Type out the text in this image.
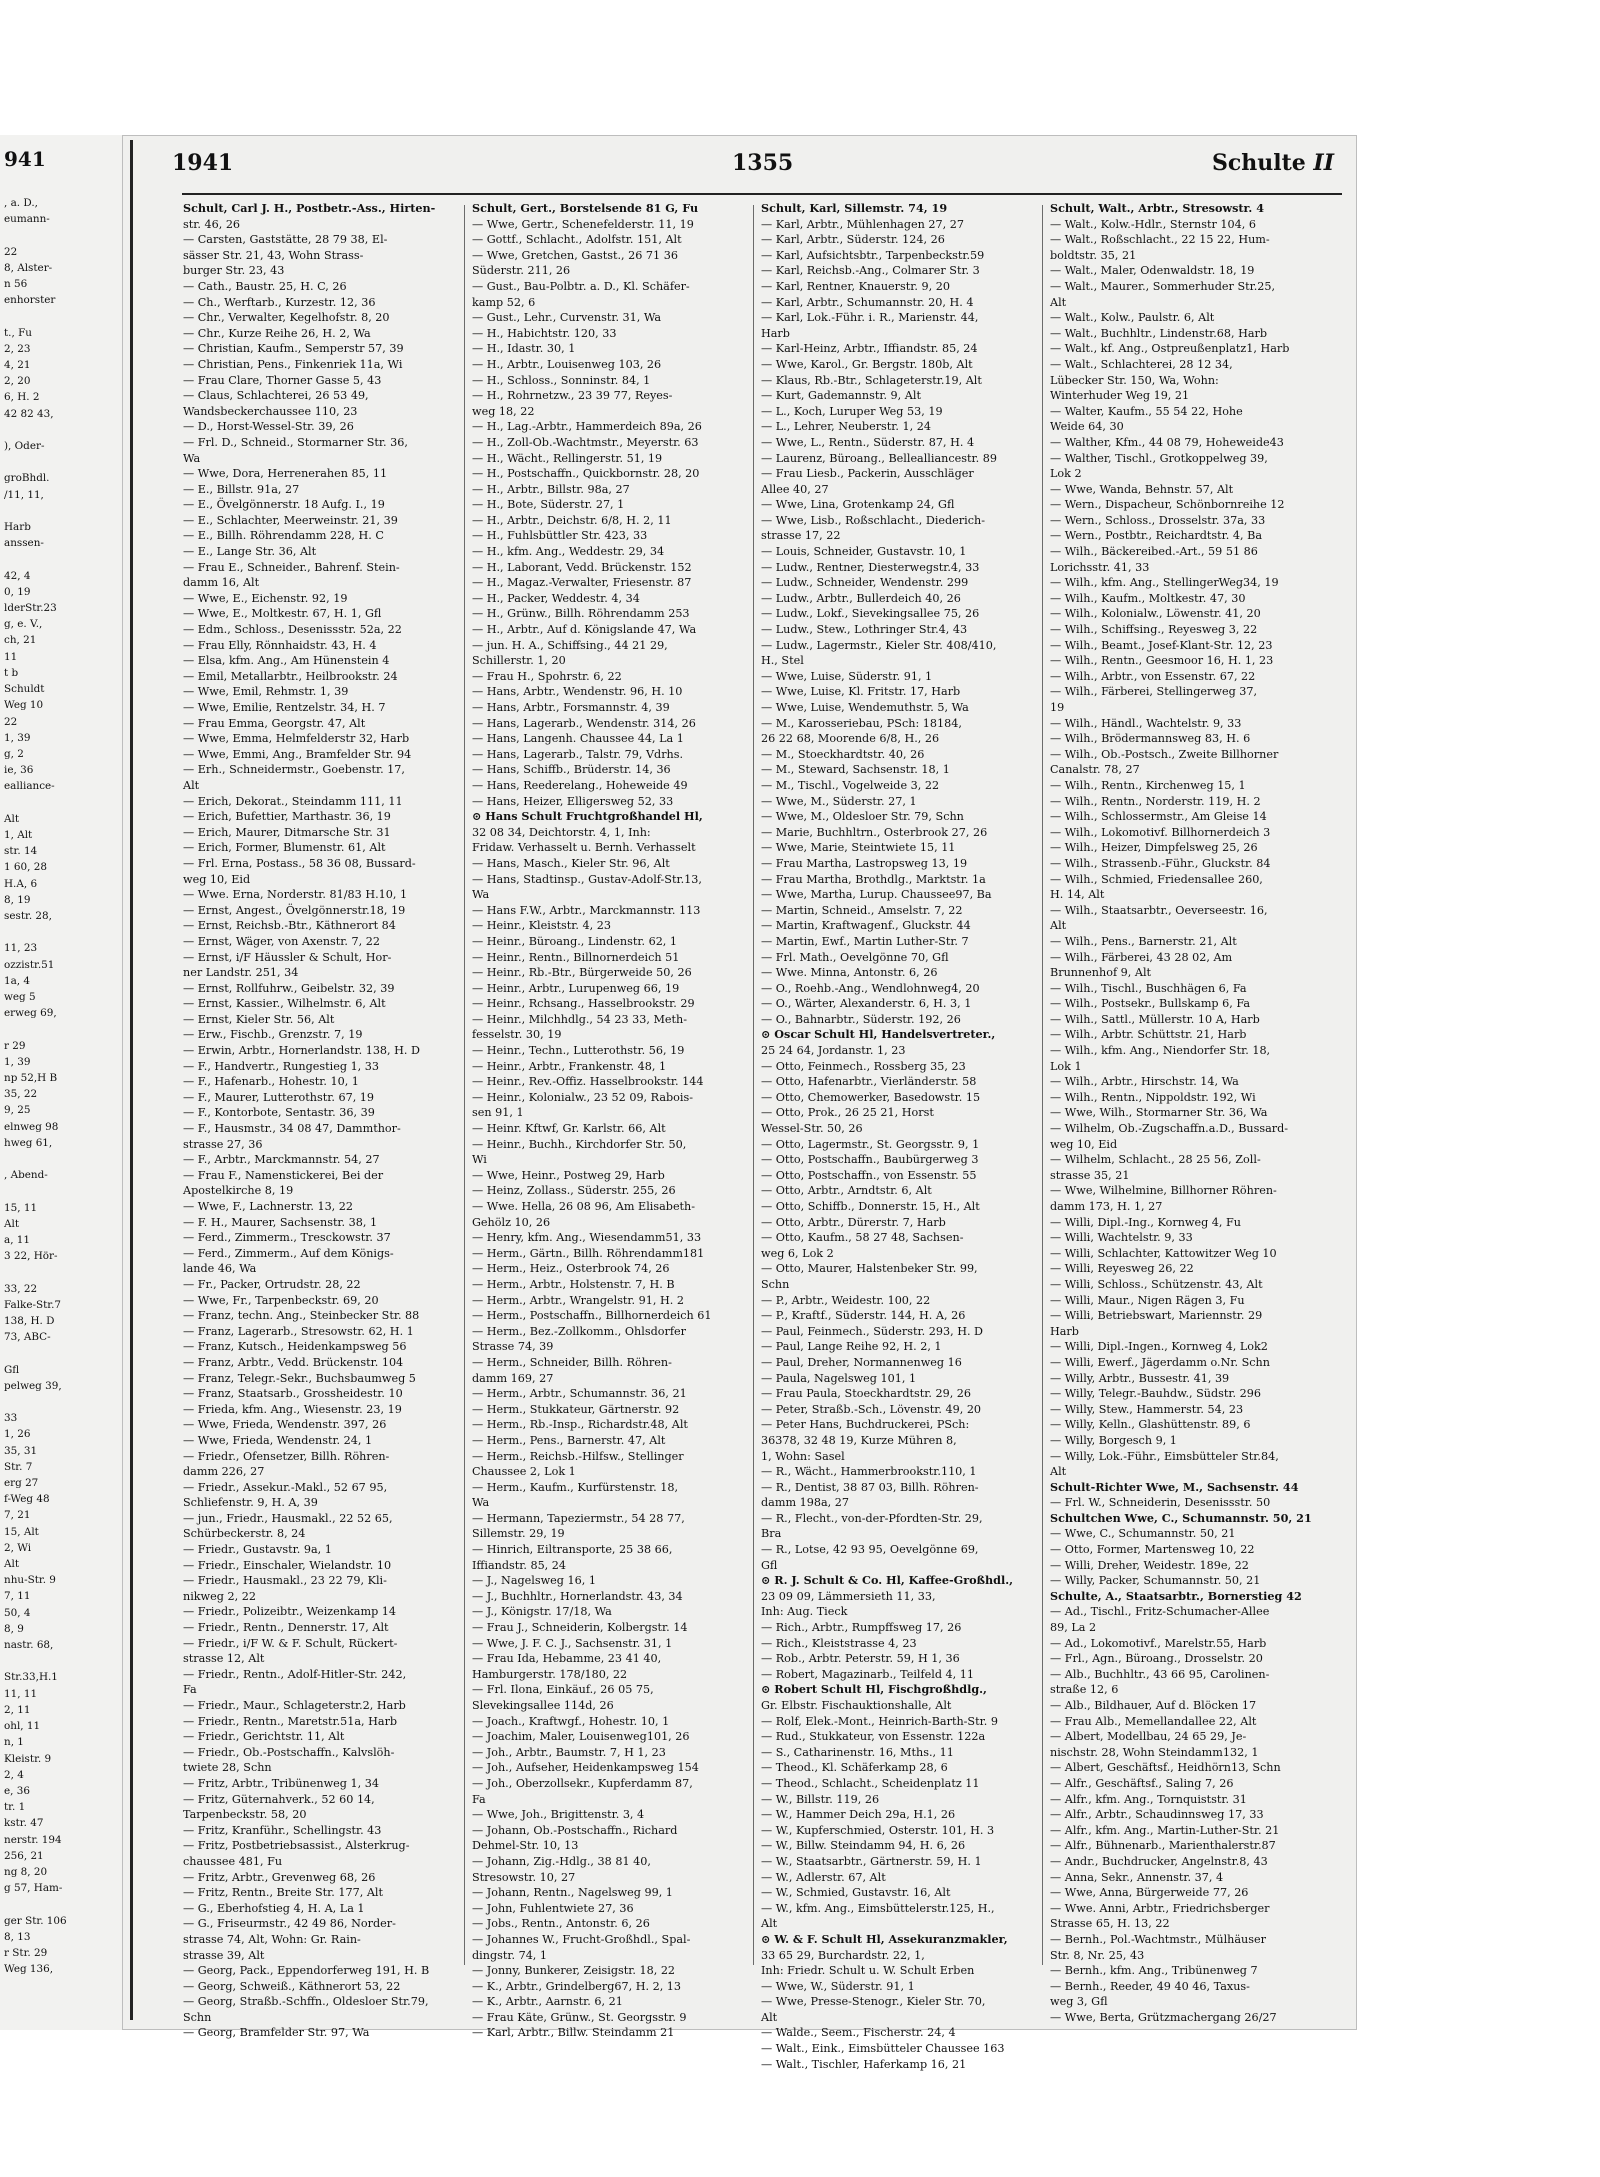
941
, a. D.,
eumann-

22
8, Alster-
n 56
enhorster

t., Fu
2, 23
4, 21
2, 20
6, H. 2
42 82 43,

), Oder-

groBhdl.
/11, 11,

Harb
anssen-

42, 4
0, 19
lderStr.23
g, e. V.,
ch, 21
11
t b
Schuldt
Weg 10
22
1, 39
g, 2
ie, 36
ealliance-

Alt
1, Alt
str. 14
1 60, 28
H.A, 6
8, 19
sestr. 28,

11, 23
ozzistr.51
1a, 4
weg 5
erweg 69,

r 29
1, 39
np 52,H B
35, 22
9, 25
elnweg 98
hweg 61,

, Abend-

15, 11
Alt
a, 11
3 22, Hör-

33, 22
Falke-Str.7
138, H. D
73, ABC-

Gfl
pelweg 39,

33
1, 26
35, 31
Str. 7
erg 27
f-Weg 48
7, 21
15, Alt
2, Wi
Alt
nhu-Str. 9
7, 11
50, 4
8, 9
nastr. 68,

Str.33,H.1
11, 11
2, 11
ohl, 11
n, 1
Kleistr. 9
2, 4
e, 36
tr. 1
kstr. 47
nerstr. 194
256, 21
ng 8, 20
g 57, Ham-

ger Str. 106
8, 13
r Str. 29
Weg 136,
1941	1355	Schulte II
Schult, Carl J. H., Postbetr.-Ass., Hirten-
str. 46, 26
— Carsten, Gaststätte, 28 79 38, El-
sässer Str. 21, 43, Wohn Strass-
burger Str. 23, 43
— Cath., Baustr. 25, H. C, 26
— Ch., Werftarb., Kurzestr. 12, 36
— Chr., Verwalter, Kegelhofstr. 8, 20
— Chr., Kurze Reihe 26, H. 2, Wa
— Christian, Kaufm., Semperstr 57, 39
— Christian, Pens., Finkenriek 11a, Wi
— Frau Clare, Thorner Gasse 5, 43
— Claus, Schlachterei, 26 53 49,
Wandsbeckerchaussee 110, 23
— D., Horst-Wessel-Str. 39, 26
— Frl. D., Schneid., Stormarner Str. 36,
Wa
— Wwe, Dora, Herrenerahen 85, 11
— E., Billstr. 91a, 27
— E., Övelgönnerstr. 18 Aufg. I., 19
— E., Schlachter, Meerweinstr. 21, 39
— E., Billh. Röhrendamm 228, H. C
— E., Lange Str. 36, Alt
— Frau E., Schneider., Bahrenf. Stein-
damm 16, Alt
— Wwe, E., Eichenstr. 92, 19
— Wwe, E., Moltkestr. 67, H. 1, Gfl
— Edm., Schloss., Desenissstr. 52a, 22
— Frau Elly, Rönnhaidstr. 43, H. 4
— Elsa, kfm. Ang., Am Hünenstein 4
— Emil, Metallarbtr., Heilbrookstr. 24
— Wwe, Emil, Rehmstr. 1, 39
— Wwe, Emilie, Rentzelstr. 34, H. 7
— Frau Emma, Georgstr. 47, Alt
— Wwe, Emma, Helmfelderstr 32, Harb
— Wwe, Emmi, Ang., Bramfelder Str. 94
— Erh., Schneidermstr., Goebenstr. 17,
Alt
— Erich, Dekorat., Steindamm 111, 11
— Erich, Bufettier, Marthastr. 36, 19
— Erich, Maurer, Ditmarsche Str. 31
— Erich, Former, Blumenstr. 61, Alt
— Frl. Erna, Postass., 58 36 08, Bussard-
weg 10, Eid
— Wwe. Erna, Norderstr. 81/83 H.10, 1
— Ernst, Angest., Övelgönnerstr.18, 19
— Ernst, Reichsb.-Btr., Käthnerort 84
— Ernst, Wäger, von Axenstr. 7, 22
— Ernst, i/F Häussler & Schult, Hor-
ner Landstr. 251, 34
— Ernst, Rollfuhrw., Geibelstr. 32, 39
— Ernst, Kassier., Wilhelmstr. 6, Alt
— Ernst, Kieler Str. 56, Alt
— Erw., Fischb., Grenzstr. 7, 19
— Erwin, Arbtr., Hornerlandstr. 138, H. D
— F., Handvertr., Rungestieg 1, 33
— F., Hafenarb., Hohestr. 10, 1
— F., Maurer, Lutterothstr. 67, 19
— F., Kontorbote, Sentastr. 36, 39
— F., Hausmstr., 34 08 47, Dammthor-
strasse 27, 36
— F., Arbtr., Marckmannstr. 54, 27
— Frau F., Namenstickerei, Bei der
Apostelkirche 8, 19
— Wwe, F., Lachnerstr. 13, 22
— F. H., Maurer, Sachsenstr. 38, 1
— Ferd., Zimmerm., Tresckowstr. 37
— Ferd., Zimmerm., Auf dem Königs-
lande 46, Wa
— Fr., Packer, Ortrudstr. 28, 22
— Wwe, Fr., Tarpenbeckstr. 69, 20
— Franz, techn. Ang., Steinbecker Str. 88
— Franz, Lagerarb., Stresowstr. 62, H. 1
— Franz, Kutsch., Heidenkampsweg 56
— Franz, Arbtr., Vedd. Brückenstr. 104
— Franz, Telegr.-Sekr., Buchsbaumweg 5
— Franz, Staatsarb., Grossheidestr. 10
— Frieda, kfm. Ang., Wiesenstr. 23, 19
— Wwe, Frieda, Wendenstr. 397, 26
— Wwe, Frieda, Wendenstr. 24, 1
— Friedr., Ofensetzer, Billh. Röhren-
damm 226, 27
— Friedr., Assekur.-Makl., 52 67 95,
Schliefenstr. 9, H. A, 39
— jun., Friedr., Hausmakl., 22 52 65,
Schürbeckerstr. 8, 24
— Friedr., Gustavstr. 9a, 1
— Friedr., Einschaler, Wielandstr. 10
— Friedr., Hausmakl., 23 22 79, Kli-
nikweg 2, 22
— Friedr., Polizeibtr., Weizenkamp 14
— Friedr., Rentn., Dennerstr. 17, Alt
— Friedr., i/F W. & F. Schult, Rückert-
strasse 12, Alt
— Friedr., Rentn., Adolf-Hitler-Str. 242,
Fa
— Friedr., Maur., Schlageterstr.2, Harb
— Friedr., Rentn., Maretstr.51a, Harb
— Friedr., Gerichtstr. 11, Alt
— Friedr., Ob.-Postschaffn., Kalvslöh-
twiete 28, Schn
— Fritz, Arbtr., Tribünenweg 1, 34
— Fritz, Güternahverk., 52 60 14,
Tarpenbeckstr. 58, 20
— Fritz, Kranführ., Schellingstr. 43
— Fritz, Postbetriebsassist., Alsterkrug-
chaussee 481, Fu
— Fritz, Arbtr., Grevenweg 68, 26
— Fritz, Rentn., Breite Str. 177, Alt
— G., Eberhofstieg 4, H. A, La 1
— G., Friseurmstr., 42 49 86, Norder-
strasse 74, Alt, Wohn: Gr. Rain-
strasse 39, Alt
— Georg, Pack., Eppendorferweg 191, H. B
— Georg, Schweiß., Käthnerort 53, 22
— Georg, Straßb.-Schffn., Oldesloer Str.79,
Schn
— Georg, Bramfelder Str. 97, Wa
Schult, Gert., Borstelsende 81 G, Fu
— Wwe, Gertr., Schenefelderstr. 11, 19
— Gottf., Schlacht., Adolfstr. 151, Alt
— Wwe, Gretchen, Gastst., 26 71 36
Süderstr. 211, 26
— Gust., Bau-Polbtr. a. D., Kl. Schäfer-
kamp 52, 6
— Gust., Lehr., Curvenstr. 31, Wa
— H., Habichtstr. 120, 33
— H., Idastr. 30, 1
— H., Arbtr., Louisenweg 103, 26
— H., Schloss., Sonninstr. 84, 1
— H., Rohrnetzw., 23 39 77, Reyes-
weg 18, 22
— H., Lag.-Arbtr., Hammerdeich 89a, 26
— H., Zoll-Ob.-Wachtmstr., Meyerstr. 63
— H., Wächt., Rellingerstr. 51, 19
— H., Postschaffn., Quickbornstr. 28, 20
— H., Arbtr., Billstr. 98a, 27
— H., Bote, Süderstr. 27, 1
— H., Arbtr., Deichstr. 6/8, H. 2, 11
— H., Fuhlsbüttler Str. 423, 33
— H., kfm. Ang., Weddestr. 29, 34
— H., Laborant, Vedd. Brückenstr. 152
— H., Magaz.-Verwalter, Friesenstr. 87
— H., Packer, Weddestr. 4, 34
— H., Grünw., Billh. Röhrendamm 253
— H., Arbtr., Auf d. Königslande 47, Wa
— jun. H. A., Schiffsing., 44 21 29,
Schillerstr. 1, 20
— Frau H., Spohrstr. 6, 22
— Hans, Arbtr., Wendenstr. 96, H. 10
— Hans, Arbtr., Forsmannstr. 4, 39
— Hans, Lagerarb., Wendenstr. 314, 26
— Hans, Langenh. Chaussee 44, La 1
— Hans, Lagerarb., Talstr. 79, Vdrhs.
— Hans, Schiffb., Brüderstr. 14, 36
— Hans, Reederelang., Hoheweide 49
— Hans, Heizer, Elligersweg 52, 33
⊙ Hans Schult Fruchtgroßhandel Hl,
32 08 34, Deichtorstr. 4, 1, Inh:
Fridaw. Verhasselt u. Bernh. Verhasselt
— Hans, Masch., Kieler Str. 96, Alt
— Hans, Stadtinsp., Gustav-Adolf-Str.13,
Wa
— Hans F.W., Arbtr., Marckmannstr. 113
— Heinr., Kleiststr. 4, 23
— Heinr., Büroang., Lindenstr. 62, 1
— Heinr., Rentn., Billnornerdeich 51
— Heinr., Rb.-Btr., Bürgerweide 50, 26
— Heinr., Arbtr., Lurupenweg 66, 19
— Heinr., Rchsang., Hasselbrookstr. 29
— Heinr., Milchhdlg., 54 23 33, Meth-
fesselstr. 30, 19
— Heinr., Techn., Lutterothstr. 56, 19
— Heinr., Arbtr., Frankenstr. 48, 1
— Heinr., Rev.-Offiz. Hasselbrookstr. 144
— Heinr., Kolonialw., 23 52 09, Rabois-
sen 91, 1
— Heinr. Kftwf, Gr. Karlstr. 66, Alt
— Heinr., Buchh., Kirchdorfer Str. 50,
Wi
— Wwe, Heinr., Postweg 29, Harb
— Heinz, Zollass., Süderstr. 255, 26
— Wwe. Hella, 26 08 96, Am Elisabeth-
Gehölz 10, 26
— Henry, kfm. Ang., Wiesendamm51, 33
— Herm., Gärtn., Billh. Röhrendamm181
— Herm., Heiz., Osterbrook 74, 26
— Herm., Arbtr., Holstenstr. 7, H. B
— Herm., Arbtr., Wrangelstr. 91, H. 2
— Herm., Postschaffn., Billhornerdeich 61
— Herm., Bez.-Zollkomm., Ohlsdorfer
Strasse 74, 39
— Herm., Schneider, Billh. Röhren-
damm 169, 27
— Herm., Arbtr., Schumannstr. 36, 21
— Herm., Stukkateur, Gärtnerstr. 92
— Herm., Rb.-Insp., Richardstr.48, Alt
— Herm., Pens., Barnerstr. 47, Alt
— Herm., Reichsb.-Hilfsw., Stellinger
Chaussee 2, Lok 1
— Herm., Kaufm., Kurfürstenstr. 18,
Wa
— Hermann, Tapeziermstr., 54 28 77,
Sillemstr. 29, 19
— Hinrich, Eiltransporte, 25 38 66,
Iffiandstr. 85, 24
— J., Nagelsweg 16, 1
— J., Buchhltr., Hornerlandstr. 43, 34
— J., Königstr. 17/18, Wa
— Frau J., Schneiderin, Kolbergstr. 14
— Wwe, J. F. C. J., Sachsenstr. 31, 1
— Frau Ida, Hebamme, 23 41 40,
Hamburgerstr. 178/180, 22
— Frl. Ilona, Einkäuf., 26 05 75,
Slevekingsallee 114d, 26
— Joach., Kraftwgf., Hohestr. 10, 1
— Joachim, Maler, Louisenweg101, 26
— Joh., Arbtr., Baumstr. 7, H 1, 23
— Joh., Aufseher, Heidenkampsweg 154
— Joh., Oberzollsekr., Kupferdamm 87,
Fa
— Wwe, Joh., Brigittenstr. 3, 4
— Johann, Ob.-Postschaffn., Richard
Dehmel-Str. 10, 13
— Johann, Zig.-Hdlg., 38 81 40,
Stresowstr. 10, 27
— Johann, Rentn., Nagelsweg 99, 1
— John, Fuhlentwiete 27, 36
— Jobs., Rentn., Antonstr. 6, 26
— Johannes W., Frucht-Großhdl., Spal-
dingstr. 74, 1
— Jonny, Bunkerer, Zeisigstr. 18, 22
— K., Arbtr., Grindelberg67, H. 2, 13
— K., Arbtr., Aarnstr. 6, 21
— Frau Käte, Grünw., St. Georgsstr. 9
— Karl, Arbtr., Billw. Steindamm 21
Schult, Karl, Sillemstr. 74, 19
— Karl, Arbtr., Mühlenhagen 27, 27
— Karl, Arbtr., Süderstr. 124, 26
— Karl, Aufsichtsbtr., Tarpenbeckstr.59
— Karl, Reichsb.-Ang., Colmarer Str. 3
— Karl, Rentner, Knauerstr. 9, 20
— Karl, Arbtr., Schumannstr. 20, H. 4
— Karl, Lok.-Führ. i. R., Marienstr. 44,
Harb
— Karl-Heinz, Arbtr., Iffiandstr. 85, 24
— Wwe, Karol., Gr. Bergstr. 180b, Alt
— Klaus, Rb.-Btr., Schlageterstr.19, Alt
— Kurt, Gademannstr. 9, Alt
— L., Koch, Luruper Weg 53, 19
— L., Lehrer, Neuberstr. 1, 24
— Wwe, L., Rentn., Süderstr. 87, H. 4
— Laurenz, Büroang., Bellealliancestr. 89
— Frau Liesb., Packerin, Ausschläger
Allee 40, 27
— Wwe, Lina, Grotenkamp 24, Gfl
— Wwe, Lisb., Roßschlacht., Diederich-
strasse 17, 22
— Louis, Schneider, Gustavstr. 10, 1
— Ludw., Rentner, Diesterwegstr.4, 33
— Ludw., Schneider, Wendenstr. 299
— Ludw., Arbtr., Bullerdeich 40, 26
— Ludw., Lokf., Sievekingsallee 75, 26
— Ludw., Stew., Lothringer Str.4, 43
— Ludw., Lagermstr., Kieler Str. 408/410,
H., Stel
— Wwe, Luise, Süderstr. 91, 1
— Wwe, Luise, Kl. Fritstr. 17, Harb
— Wwe, Luise, Wendemuthstr. 5, Wa
— M., Karosseriebau, PSch: 18184,
26 22 68, Moorende 6/8, H., 26
— M., Stoeckhardtstr. 40, 26
— M., Steward, Sachsenstr. 18, 1
— M., Tischl., Vogelweide 3, 22
— Wwe, M., Süderstr. 27, 1
— Wwe, M., Oldesloer Str. 79, Schn
— Marie, Buchhltrn., Osterbrook 27, 26
— Wwe, Marie, Steintwiete 15, 11
— Frau Martha, Lastropsweg 13, 19
— Frau Martha, Brothdlg., Marktstr. 1a
— Wwe, Martha, Lurup. Chaussee97, Ba
— Martin, Schneid., Amselstr. 7, 22
— Martin, Kraftwagenf., Gluckstr. 44
— Martin, Ewf., Martin Luther-Str. 7
— Frl. Math., Oevelgönne 70, Gfl
— Wwe. Minna, Antonstr. 6, 26
— O., Roehb.-Ang., Wendlohnweg4, 20
— O., Wärter, Alexanderstr. 6, H. 3, 1
— O., Bahnarbtr., Süderstr. 192, 26
⊙ Oscar Schult Hl, Handelsvertreter.,
25 24 64, Jordanstr. 1, 23
— Otto, Feinmech., Rossberg 35, 23
— Otto, Hafenarbtr., Vierländerstr. 58
— Otto, Chemowerker, Basedowstr. 15
— Otto, Prok., 26 25 21, Horst
Wessel-Str. 50, 26
— Otto, Lagermstr., St. Georgsstr. 9, 1
— Otto, Postschaffn., Baubürgerweg 3
— Otto, Postschaffn., von Essenstr. 55
— Otto, Arbtr., Arndtstr. 6, Alt
— Otto, Schiffb., Donnerstr. 15, H., Alt
— Otto, Arbtr., Dürerstr. 7, Harb
— Otto, Kaufm., 58 27 48, Sachsen-
weg 6, Lok 2
— Otto, Maurer, Halstenbeker Str. 99,
Schn
— P., Arbtr., Weidestr. 100, 22
— P., Kraftf., Süderstr. 144, H. A, 26
— Paul, Feinmech., Süderstr. 293, H. D
— Paul, Lange Reihe 92, H. 2, 1
— Paul, Dreher, Normannenweg 16
— Paula, Nagelsweg 101, 1
— Frau Paula, Stoeckhardtstr. 29, 26
— Peter, Straßb.-Sch., Lövenstr. 49, 20
— Peter Hans, Buchdruckerei, PSch:
36378, 32 48 19, Kurze Mühren 8,
1, Wohn: Sasel
— R., Wächt., Hammerbrookstr.110, 1
— R., Dentist, 38 87 03, Billh. Röhren-
damm 198a, 27
— R., Flecht., von-der-Pfordten-Str. 29,
Bra
— R., Lotse, 42 93 95, Oevelgönne 69,
Gfl
⊙ R. J. Schult & Co. Hl, Kaffee-Großhdl.,
23 09 09, Lämmersieth 11, 33,
Inh: Aug. Tieck
— Rich., Arbtr., Rumpffsweg 17, 26
— Rich., Kleiststrasse 4, 23
— Rob., Arbtr. Peterstr. 59, H 1, 36
— Robert, Magazinarb., Teilfeld 4, 11
⊙ Robert Schult Hl, Fischgroßhdlg.,
Gr. Elbstr. Fischauktionshalle, Alt
— Rolf, Elek.-Mont., Heinrich-Barth-Str. 9
— Rud., Stukkateur, von Essenstr. 122a
— S., Catharinenstr. 16, Mths., 11
— Theod., Kl. Schäferkamp 28, 6
— Theod., Schlacht., Scheidenplatz 11
— W., Billstr. 119, 26
— W., Hammer Deich 29a, H.1, 26
— W., Kupferschmied, Osterstr. 101, H. 3
— W., Billw. Steindamm 94, H. 6, 26
— W., Staatsarbtr., Gärtnerstr. 59, H. 1
— W., Adlerstr. 67, Alt
— W., Schmied, Gustavstr. 16, Alt
— W., kfm. Ang., Eimsbüttelerstr.125, H.,
Alt
⊙ W. & F. Schult Hl, Assekuranzmakler,
33 65 29, Burchardstr. 22, 1,
Inh: Friedr. Schult u. W. Schult Erben
— Wwe, W., Süderstr. 91, 1
— Wwe, Presse-Stenogr., Kieler Str. 70,
Alt
— Walde., Seem., Fischerstr. 24, 4
— Walt., Eink., Eimsbütteler Chaussee 163
— Walt., Tischler, Haferkamp 16, 21
Schult, Walt., Arbtr., Stresowstr. 4
— Walt., Kolw.-Hdlr., Sternstr 104, 6
— Walt., Roßschlacht., 22 15 22, Hum-
boldtstr. 35, 21
— Walt., Maler, Odenwaldstr. 18, 19
— Walt., Maurer., Sommerhuder Str.25,
Alt
— Walt., Kolw., Paulstr. 6, Alt
— Walt., Buchhltr., Lindenstr.68, Harb
— Walt., kf. Ang., Ostpreußenplatz1, Harb
— Walt., Schlachterei, 28 12 34,
Lübecker Str. 150, Wa, Wohn:
Winterhuder Weg 19, 21
— Walter, Kaufm., 55 54 22, Hohe
Weide 64, 30
— Walther, Kfm., 44 08 79, Hoheweide43
— Walther, Tischl., Grotkoppelweg 39,
Lok 2
— Wwe, Wanda, Behnstr. 57, Alt
— Wern., Dispacheur, Schönbornreihe 12
— Wern., Schloss., Drosselstr. 37a, 33
— Wern., Postbtr., Reichardtstr. 4, Ba
— Wilh., Bäckereibed.-Art., 59 51 86
Lorichsstr. 41, 33
— Wilh., kfm. Ang., StellingerWeg34, 19
— Wilh., Kaufm., Moltkestr. 47, 30
— Wilh., Kolonialw., Löwenstr. 41, 20
— Wilh., Schiffsing., Reyesweg 3, 22
— Wilh., Beamt., Josef-Klant-Str. 12, 23
— Wilh., Rentn., Geesmoor 16, H. 1, 23
— Wilh., Arbtr., von Essenstr. 67, 22
— Wilh., Färberei, Stellingerweg 37,
19
— Wilh., Händl., Wachtelstr. 9, 33
— Wilh., Brödermannsweg 83, H. 6
— Wilh., Ob.-Postsch., Zweite Billhorner
Canalstr. 78, 27
— Wilh., Rentn., Kirchenweg 15, 1
— Wilh., Rentn., Norderstr. 119, H. 2
— Wilh., Schlossermstr., Am Gleise 14
— Wilh., Lokomotivf. Billhornerdeich 3
— Wilh., Heizer, Dimpfelsweg 25, 26
— Wilh., Strassenb.-Führ., Gluckstr. 84
— Wilh., Schmied, Friedensallee 260,
H. 14, Alt
— Wilh., Staatsarbtr., Oeverseestr. 16,
Alt
— Wilh., Pens., Barnerstr. 21, Alt
— Wilh., Färberei, 43 28 02, Am
Brunnenhof 9, Alt
— Wilh., Tischl., Buschhägen 6, Fa
— Wilh., Postsekr., Bullskamp 6, Fa
— Wilh., Sattl., Müllerstr. 10 A, Harb
— Wilh., Arbtr. Schüttstr. 21, Harb
— Wilh., kfm. Ang., Niendorfer Str. 18,
Lok 1
— Wilh., Arbtr., Hirschstr. 14, Wa
— Wilh., Rentn., Nippoldstr. 192, Wi
— Wwe, Wilh., Stormarner Str. 36, Wa
— Wilhelm, Ob.-Zugschaffn.a.D., Bussard-
weg 10, Eid
— Wilhelm, Schlacht., 28 25 56, Zoll-
strasse 35, 21
— Wwe, Wilhelmine, Billhorner Röhren-
damm 173, H. 1, 27
— Willi, Dipl.-Ing., Kornweg 4, Fu
— Willi, Wachtelstr. 9, 33
— Willi, Schlachter, Kattowitzer Weg 10
— Willi, Reyesweg 26, 22
— Willi, Schloss., Schützenstr. 43, Alt
— Willi, Maur., Nigen Rägen 3, Fu
— Willi, Betriebswart, Mariennstr. 29
Harb
— Willi, Dipl.-Ingen., Kornweg 4, Lok2
— Willi, Ewerf., Jägerdamm o.Nr. Schn
— Willy, Arbtr., Bussestr. 41, 39
— Willy, Telegr.-Bauhdw., Südstr. 296
— Willy, Stew., Hammerstr. 54, 23
— Willy, Kelln., Glashüttenstr. 89, 6
— Willy, Borgesch 9, 1
— Willy, Lok.-Führ., Eimsbütteler Str.84,
Alt
Schult-Richter Wwe, M., Sachsenstr. 44
— Frl. W., Schneiderin, Desenissstr. 50
Schultchen Wwe, C., Schumannstr. 50, 21
— Wwe, C., Schumannstr. 50, 21
— Otto, Former, Martensweg 10, 22
— Willi, Dreher, Weidestr. 189e, 22
— Willy, Packer, Schumannstr. 50, 21
Schulte, A., Staatsarbtr., Bornerstieg 42
— Ad., Tischl., Fritz-Schumacher-Allee
89, La 2
— Ad., Lokomotivf., Marelstr.55, Harb
— Frl., Agn., Büroang., Drosselstr. 20
— Alb., Buchhltr., 43 66 95, Carolinen-
straße 12, 6
— Alb., Bildhauer, Auf d. Blöcken 17
— Frau Alb., Memellandallee 22, Alt
— Albert, Modellbau, 24 65 29, Je-
nischstr. 28, Wohn Steindamm132, 1
— Albert, Geschäftsf., Heidhörn13, Schn
— Alfr., Geschäftsf., Saling 7, 26
— Alfr., kfm. Ang., Tornquiststr. 31
— Alfr., Arbtr., Schaudinnsweg 17, 33
— Alfr., kfm. Ang., Martin-Luther-Str. 21
— Alfr., Bühnenarb., Marienthalerstr.87
— Andr., Buchdrucker, Angelnstr.8, 43
— Anna, Sekr., Annenstr. 37, 4
— Wwe, Anna, Bürgerweide 77, 26
— Wwe. Anni, Arbtr., Friedrichsberger
Strasse 65, H. 13, 22
— Bernh., Pol.-Wachtmstr., Mülhäuser
Str. 8, Nr. 25, 43
— Bernh., kfm. Ang., Tribünenweg 7
— Bernh., Reeder, 49 40 46, Taxus-
weg 3, Gfl
— Wwe, Berta, Grützmachergang 26/27
